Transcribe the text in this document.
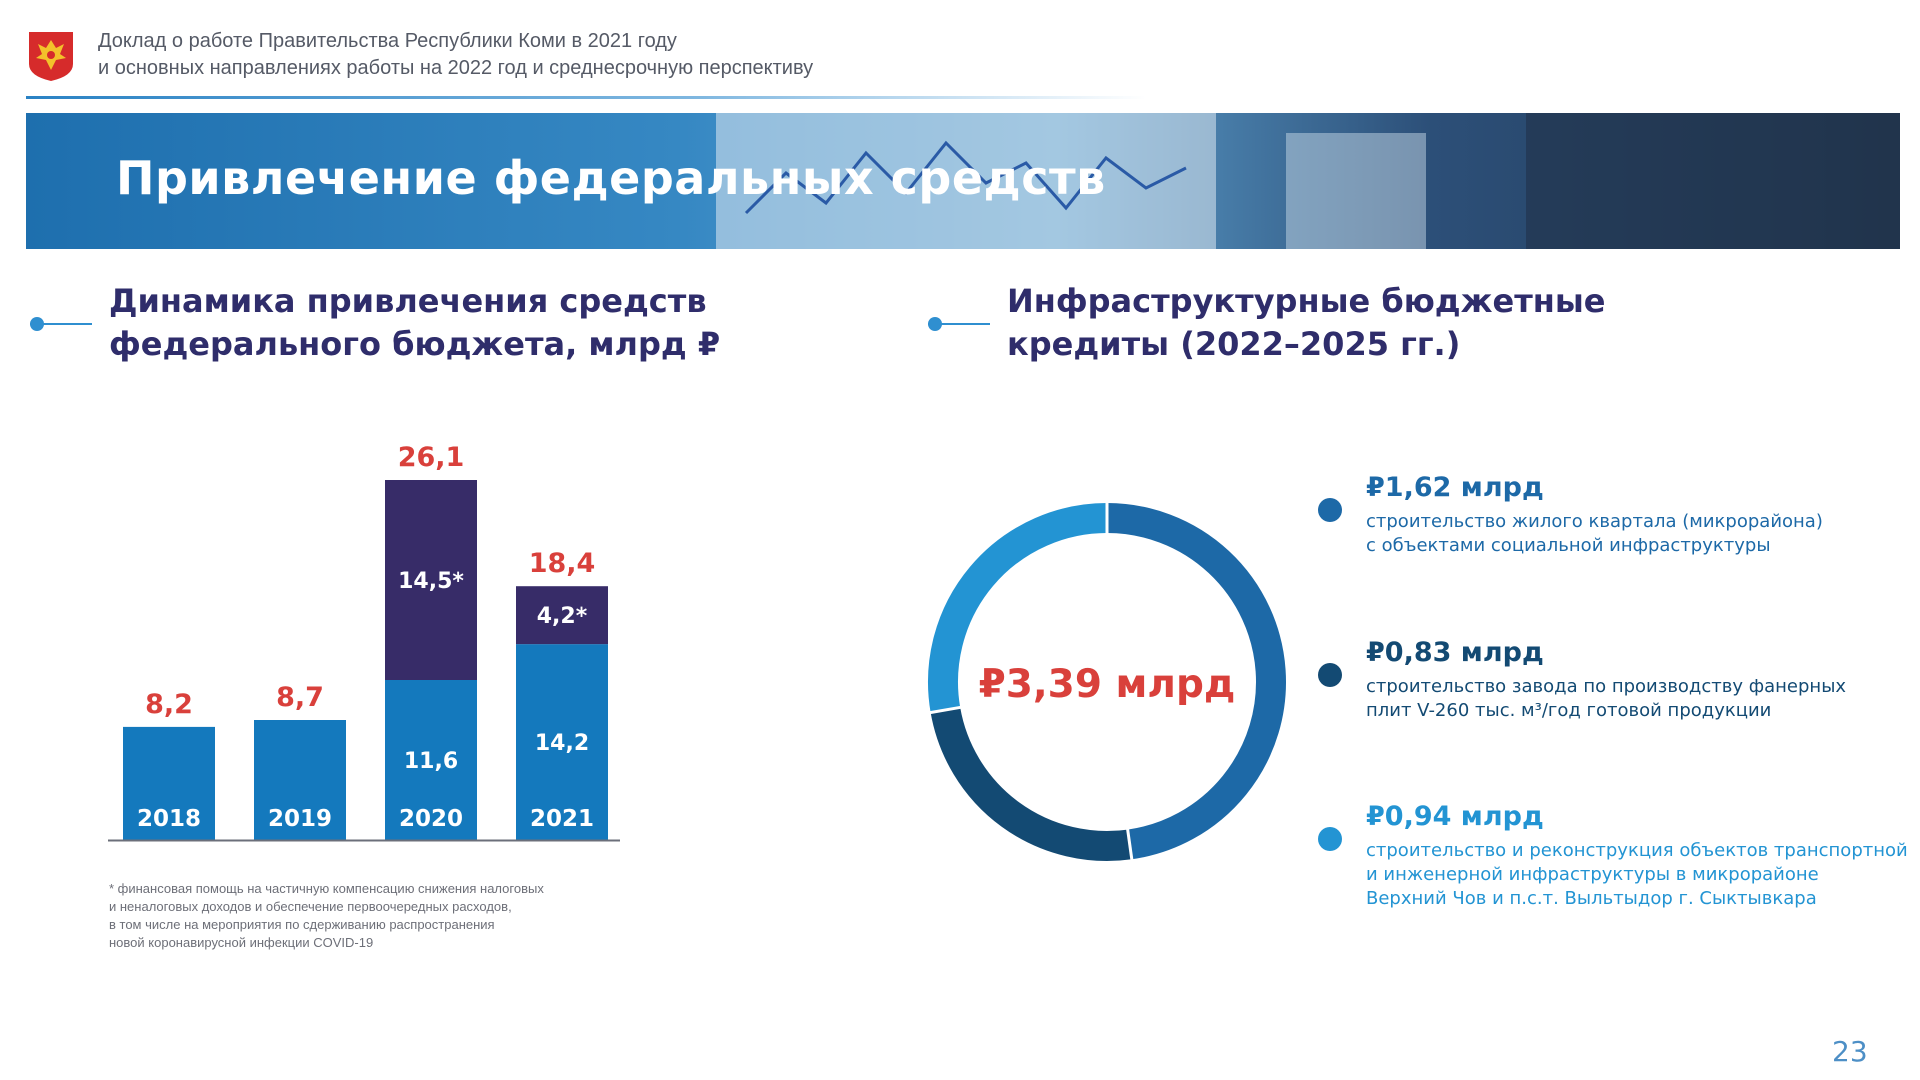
Доклад о работе Правительства Республики Коми в 2021 году
и основных направлениях работы на 2022 год и среднесрочную перспективу
Привлечение федеральных средств
Динамика привлечения средств
федерального бюджета, млрд ₽
Инфраструктурные бюджетные
кредиты (2022–2025 гг.)
8,2
2018
8,7
2019
11,6
14,5*
26,1
2020
14,2
4,2*
18,4
2021
* финансовая помощь на частичную компенсацию снижения налоговых
и неналоговых доходов и обеспечение первоочередных расходов,
в том числе на мероприятия по сдерживанию распространения
новой коронавирусной инфекции COVID-19
₽3,39 млрд
₽1,62 млрд
строительство жилого квартала (микрорайона)
с объектами социальной инфраструктуры
₽0,83 млрд
строительство завода по производству фанерных
плит V-260 тыс. м³/год готовой продукции
₽0,94 млрд
строительство и реконструкция объектов транспортной
и инженерной инфраструктуры в микрорайоне
Верхний Чов и п.с.т. Выльтыдор г. Сыктывкара
23
